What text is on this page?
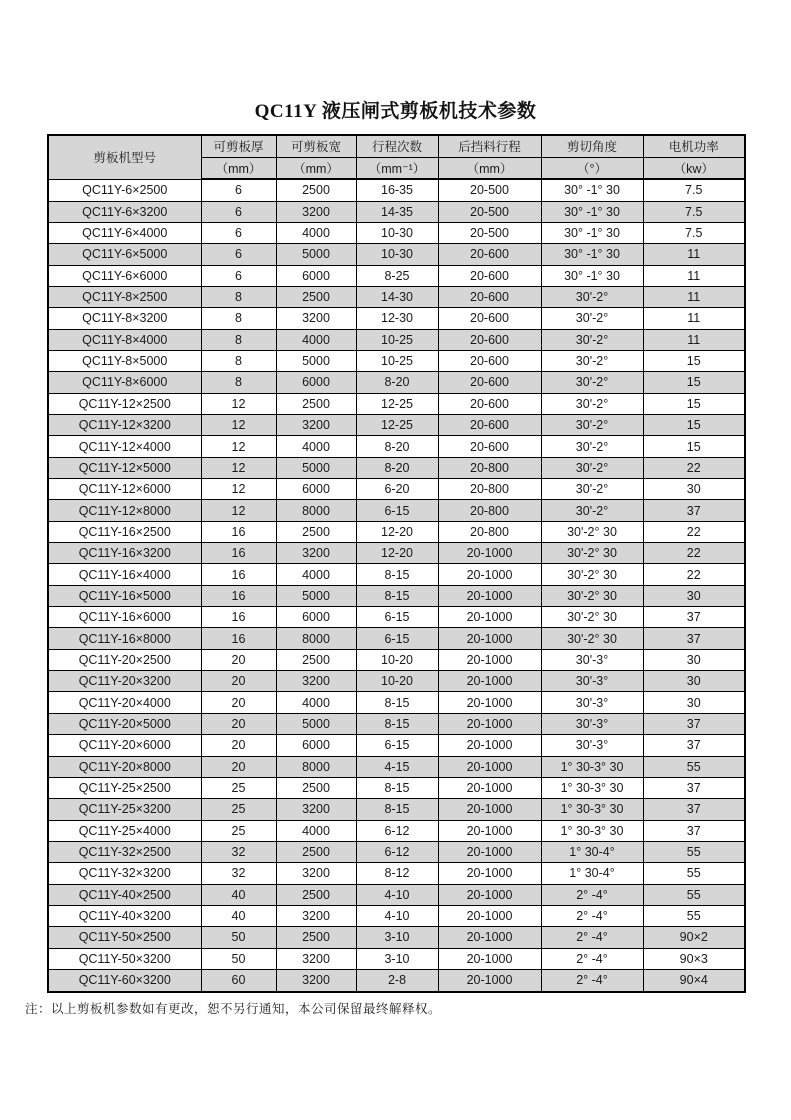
QC11Y 液压闸式剪板机技术参数
剪板机型号	可剪板厚	可剪板宽	行程次数	后挡料行程	剪切角度	电机功率
	（mm）	（mm）	（mm⁻¹）	（mm）	（°）	（kw）
QC11Y-6×2500	6	2500	16-35	20-500	30° -1° 30	7.5
QC11Y-6×3200	6	3200	14-35	20-500	30° -1° 30	7.5
QC11Y-6×4000	6	4000	10-30	20-500	30° -1° 30	7.5
QC11Y-6×5000	6	5000	10-30	20-600	30° -1° 30	11
QC11Y-6×6000	6	6000	8-25	20-600	30° -1° 30	11
QC11Y-8×2500	8	2500	14-30	20-600	30'-2°	11
QC11Y-8×3200	8	3200	12-30	20-600	30'-2°	11
QC11Y-8×4000	8	4000	10-25	20-600	30'-2°	11
QC11Y-8×5000	8	5000	10-25	20-600	30'-2°	15
QC11Y-8×6000	8	6000	8-20	20-600	30'-2°	15
QC11Y-12×2500	12	2500	12-25	20-600	30'-2°	15
QC11Y-12×3200	12	3200	12-25	20-600	30'-2°	15
QC11Y-12×4000	12	4000	8-20	20-600	30'-2°	15
QC11Y-12×5000	12	5000	8-20	20-800	30'-2°	22
QC11Y-12×6000	12	6000	6-20	20-800	30'-2°	30
QC11Y-12×8000	12	8000	6-15	20-800	30'-2°	37
QC11Y-16×2500	16	2500	12-20	20-800	30'-2° 30	22
QC11Y-16×3200	16	3200	12-20	20-1000	30'-2° 30	22
QC11Y-16×4000	16	4000	8-15	20-1000	30'-2° 30	22
QC11Y-16×5000	16	5000	8-15	20-1000	30'-2° 30	30
QC11Y-16×6000	16	6000	6-15	20-1000	30'-2° 30	37
QC11Y-16×8000	16	8000	6-15	20-1000	30'-2° 30	37
QC11Y-20×2500	20	2500	10-20	20-1000	30'-3°	30
QC11Y-20×3200	20	3200	10-20	20-1000	30'-3°	30
QC11Y-20×4000	20	4000	8-15	20-1000	30'-3°	30
QC11Y-20×5000	20	5000	8-15	20-1000	30'-3°	37
QC11Y-20×6000	20	6000	6-15	20-1000	30'-3°	37
QC11Y-20×8000	20	8000	4-15	20-1000	1° 30-3° 30	55
QC11Y-25×2500	25	2500	8-15	20-1000	1° 30-3° 30	37
QC11Y-25×3200	25	3200	8-15	20-1000	1° 30-3° 30	37
QC11Y-25×4000	25	4000	6-12	20-1000	1° 30-3° 30	37
QC11Y-32×2500	32	2500	6-12	20-1000	1° 30-4°	55
QC11Y-32×3200	32	3200	8-12	20-1000	1° 30-4°	55
QC11Y-40×2500	40	2500	4-10	20-1000	2° -4°	55
QC11Y-40×3200	40	3200	4-10	20-1000	2° -4°	55
QC11Y-50×2500	50	2500	3-10	20-1000	2° -4°	90×2
QC11Y-50×3200	50	3200	3-10	20-1000	2° -4°	90×3
QC11Y-60×3200	60	3200	2-8	20-1000	2° -4°	90×4
注：以上剪板机参数如有更改，恕不另行通知，本公司保留最终解释权。
